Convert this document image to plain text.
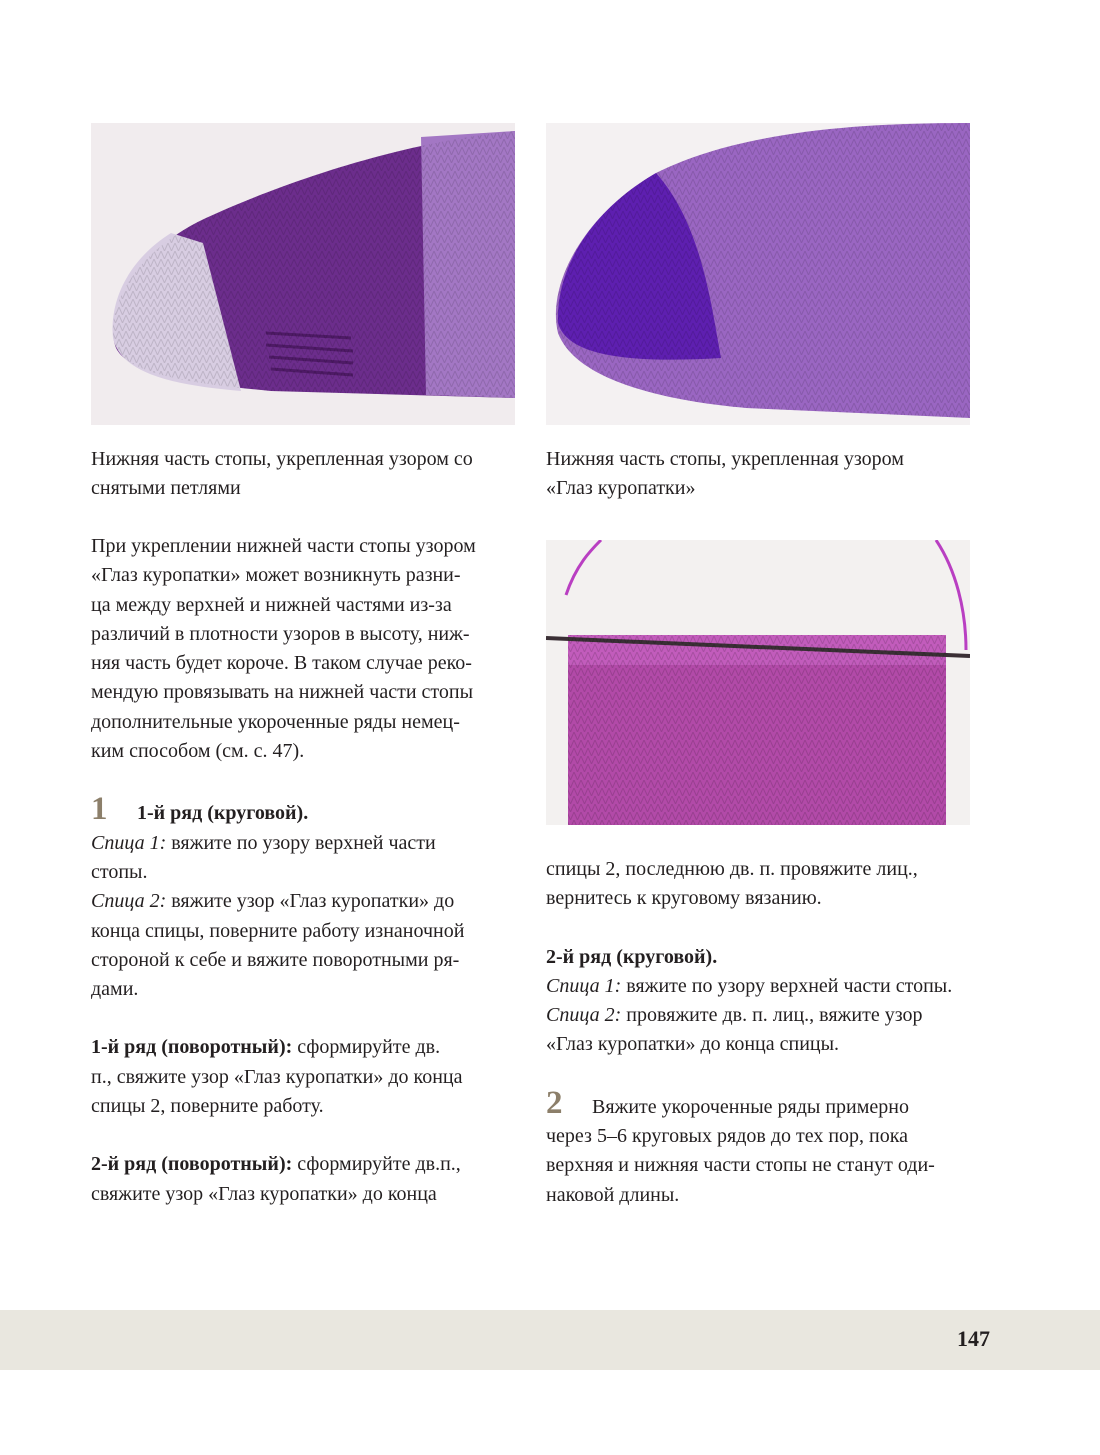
Нижняя часть стопы, укрепленная узором со
снятыми петлями
Нижняя часть стопы, укрепленная узором
«Глаз куропатки»
При укреплении нижней части стопы узором
«Глаз куропатки» может возникнуть разни-
ца между верхней и нижней частями из-за
различий в плотности узоров в высоту, ниж-
няя часть будет короче. В таком случае реко-
мендую провязывать на нижней части стопы
дополнительные укороченные ряды немец-
ким способом (см. с. 47).
1 1-й ряд (круговой).
Спица 1: вяжите по узору верхней части
стопы.
Спица 2: вяжите узор «Глаз куропатки» до
конца спицы, поверните работу изнаночной
стороной к себе и вяжите поворотными ря-
дами.
1-й ряд (поворотный): сформируйте дв.
п., свяжите узор «Глаз куропатки» до конца
спицы 2, поверните работу.
2-й ряд (поворотный): сформируйте дв.п.,
свяжите узор «Глаз куропатки» до конца
спицы 2, последнюю дв. п. провяжите лиц.,
вернитесь к круговому вязанию.
2-й ряд (круговой).
Спица 1: вяжите по узору верхней части стопы.
Спица 2: провяжите дв. п. лиц., вяжите узор
«Глаз куропатки» до конца спицы.
2 Вяжите укороченные ряды примерно
через 5–6 круговых рядов до тех пор, пока
верхняя и нижняя части стопы не станут оди-
наковой длины.
147
